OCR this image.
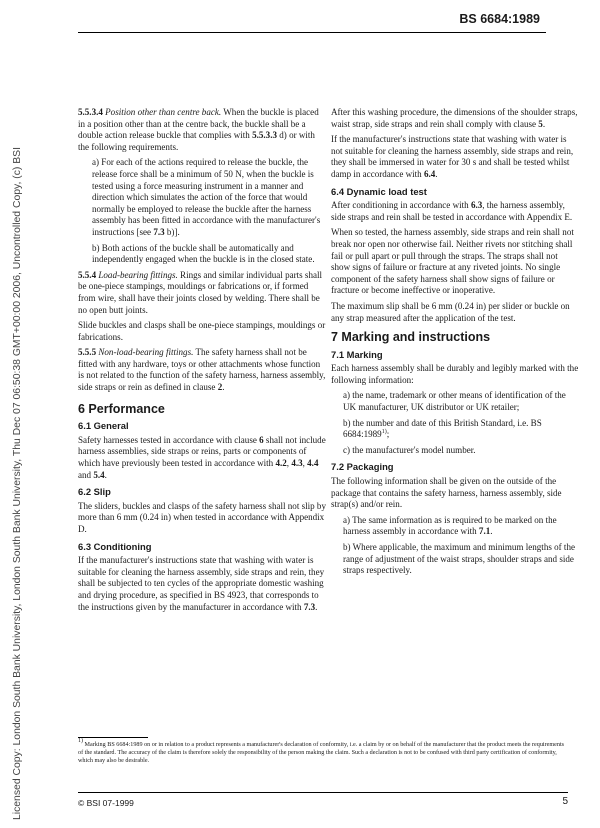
Licensed Copy: London South Bank University, London South Bank University, Thu Dec 07 06:50:38 GMT+00:00 2006, Uncontrolled Copy, (c) BSI
BS 6684:1989

5.5.3.4 Position other than centre back. When the buckle is placed in a position other than at the centre back, the buckle shall be a double action release buckle that complies with 5.5.3.3 d) or with the following requirements.

a) For each of the actions required to release the buckle, the release force shall be a minimum of 50 N, when the buckle is tested using a force measuring instrument in a manner and direction which simulates the action of the force that would normally be employed to release the buckle after the harness assembly has been fitted in accordance with the manufacturer's instructions [see 7.3 b)].

b) Both actions of the buckle shall be automatically and independently engaged when the buckle is in the closed state.

5.5.4 Load-bearing fittings. Rings and similar individual parts shall be one-piece stampings, mouldings or fabrications or, if formed from wire, shall have their joints closed by welding. There shall be no open butt joints.

Slide buckles and clasps shall be one-piece stampings, mouldings or fabrications.

5.5.5 Non-load-bearing fittings. The safety harness shall not be fitted with any hardware, toys or other attachments whose function is not related to the function of the safety harness, harness assembly, side straps or rein as defined in clause 2.

6 Performance
6.1 General

Safety harnesses tested in accordance with clause 6 shall not include harness assemblies, side straps or reins, parts or components of which have previously been tested in accordance with 4.2, 4.3, 4.4 and 5.4.

6.2 Slip

The sliders, buckles and clasps of the safety harness shall not slip by more than 6 mm (0.24 in) when tested in accordance with Appendix D.

6.3 Conditioning

If the manufacturer's instructions state that washing with water is suitable for cleaning the harness assembly, side straps and rein, they shall be subjected to ten cycles of the appropriate domestic washing and drying procedure, as specified in BS 4923, that corresponds to the instructions given by the manufacturer in accordance with 7.3.

After this washing procedure, the dimensions of the shoulder straps, waist strap, side straps and rein shall comply with clause 5.

If the manufacturer's instructions state that washing with water is not suitable for cleaning the harness assembly, side straps and rein, they shall be immersed in water for 30 s and shall be tested whilst damp in accordance with 6.4.

6.4 Dynamic load test

After conditioning in accordance with 6.3, the harness assembly, side straps and rein shall be tested in accordance with Appendix E.

When so tested, the harness assembly, side straps and rein shall not break nor open nor otherwise fail. Neither rivets nor stitching shall fail or pull apart or pull through the straps. The straps shall not show signs of failure or fracture at any riveted joints. No single component of the safety harness shall show signs of failure or fracture or become ineffective or inoperative.

The maximum slip shall be 6 mm (0.24 in) per slider or buckle on any strap measured after the application of the test.

7 Marking and instructions
7.1 Marking

Each harness assembly shall be durably and legibly marked with the following information:

a) the name, trademark or other means of identification of the UK manufacturer, UK distributor or UK retailer;

b) the number and date of this British Standard, i.e. BS 6684:1989$^{1)}$;

c) the manufacturer's model number.

7.2 Packaging

The following information shall be given on the outside of the package that contains the safety harness, harness assembly, side strap(s) and/or rein.

a) The same information as is required to be marked on the harness assembly in accordance with 7.1.

b) Where applicable, the maximum and minimum lengths of the range of adjustment of the waist straps, shoulder straps and side straps respectively.

$^{1)}$ Marking BS 6684:1989 on or in relation to a product represents a manufacturer's declaration of conformity, i.e. a claim by or on behalf of the manufacturer that the product meets the requirements of the standard. The accuracy of the claim is therefore solely the responsibility of the person making the claim. Such a declaration is not to be confused with third party certification of conformity, which may also be desirable.
© BSI 07-1999	5
